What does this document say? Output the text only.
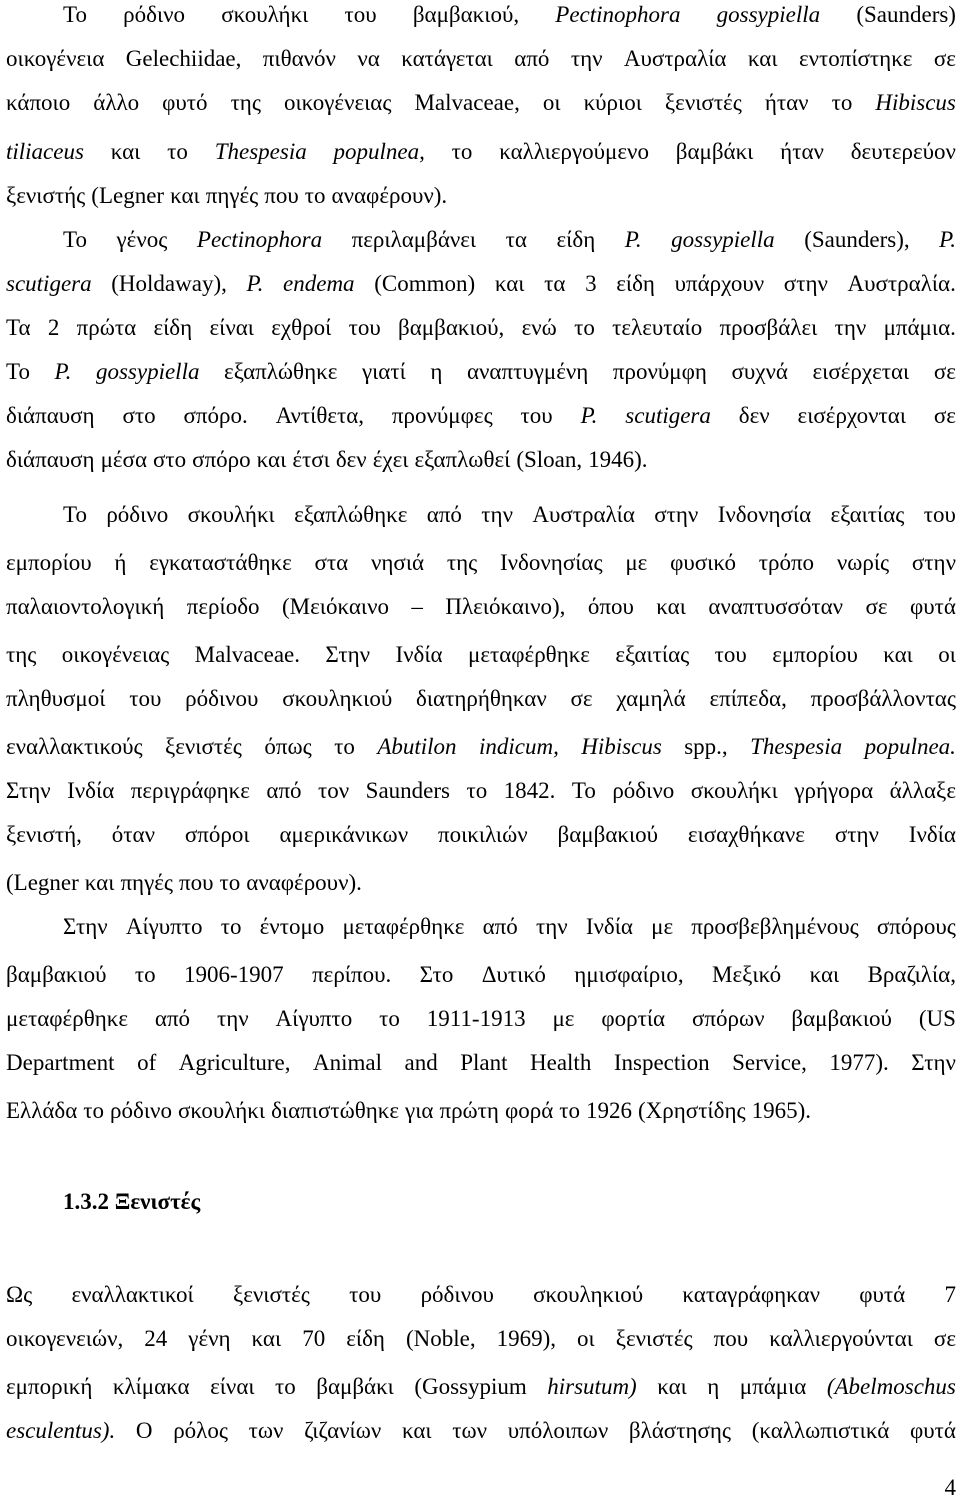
1.3.2 Ξενιστές
4
Το ρόδινο σκουλήκι του βαμβακιού, Pectinophora gossypiella (Saunders)
οικογένεια Gelechiidae, πιθανόν να κατάγεται από την Αυστραλία και εντοπίστηκε σε
κάποιο άλλο φυτό της οικογένειας Malvaceae, οι κύριοι ξενιστές ήταν το Hibiscus
tiliaceus και το Thespesia populnea, το καλλιεργούμενο βαμβάκι ήταν δευτερεύον
ξενιστής (Legner και πηγές που το αναφέρουν).
Το γένος Pectinophora περιλαμβάνει τα είδη P. gossypiella (Saunders), P.
scutigera (Holdaway), P. endema (Common) και τα 3 είδη υπάρχουν στην Αυστραλία.
Τα 2 πρώτα είδη είναι εχθροί του βαμβακιού, ενώ το τελευταίο προσβάλει την μπάμια.
Το P. gossypiella εξαπλώθηκε γιατί η αναπτυγμένη προνύμφη συχνά εισέρχεται σε
διάπαυση στο σπόρο. Αντίθετα, προνύμφες του P. scutigera δεν εισέρχονται σε
διάπαυση μέσα στο σπόρο και έτσι δεν έχει εξαπλωθεί (Sloan, 1946).
Το ρόδινο σκουλήκι εξαπλώθηκε από την Αυστραλία στην Ινδονησία εξαιτίας του
εμπορίου ή εγκαταστάθηκε στα νησιά της Ινδονησίας με φυσικό τρόπο νωρίς στην
παλαιοντολογική περίοδο (Μειόκαινο – Πλειόκαινο), όπου και αναπτυσσόταν σε φυτά
της οικογένειας Malvaceae. Στην Ινδία μεταφέρθηκε εξαιτίας του εμπορίου και οι
πληθυσμοί του ρόδινου σκουληκιού διατηρήθηκαν σε χαμηλά επίπεδα, προσβάλλοντας
εναλλακτικούς ξενιστές όπως το Abutilon indicum, Hibiscus spp., Thespesia populnea.
Στην Ινδία περιγράφηκε από τον Saunders το 1842. Το ρόδινο σκουλήκι γρήγορα άλλαξε
ξενιστή, όταν σπόροι αμερικάνικων ποικιλιών βαμβακιού εισαχθήκανε στην Ινδία
(Legner και πηγές που το αναφέρουν).
Στην Αίγυπτο το έντομο μεταφέρθηκε από την Ινδία με προσβεβλημένους σπόρους
βαμβακιού το 1906-1907 περίπου. Στο Δυτικό ημισφαίριο, Μεξικό και Βραζιλία,
μεταφέρθηκε από την Αίγυπτο το 1911-1913 με φορτία σπόρων βαμβακιού (US
Department of Agriculture, Animal and Plant Health Inspection Service, 1977). Στην
Ελλάδα το ρόδινο σκουλήκι διαπιστώθηκε για πρώτη φορά το 1926 (Χρηστίδης 1965).
Ως εναλλακτικοί ξενιστές του ρόδινου σκουληκιού καταγράφηκαν φυτά 7
οικογενειών, 24 γένη και 70 είδη (Noble, 1969), οι ξενιστές που καλλιεργούνται σε
εμπορική κλίμακα είναι το βαμβάκι (Gossypium hirsutum) και η μπάμια (Abelmoschus
esculentus). Ο ρόλος των ζιζανίων και των υπόλοιπων βλάστησης (καλλωπιστικά φυτά
